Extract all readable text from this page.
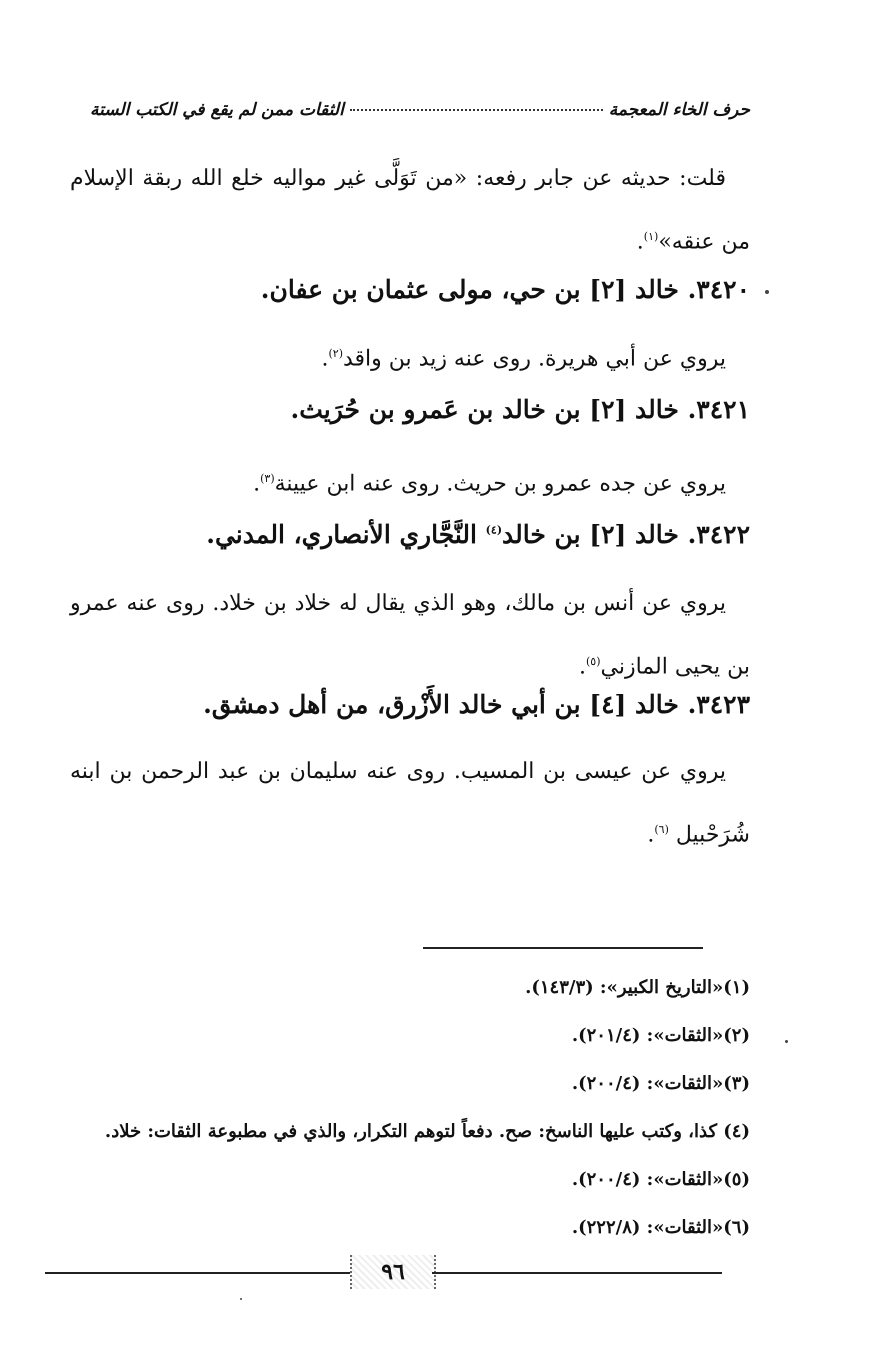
حرف الخاء المعجمة
الثقات ممن لم يقع في الكتب الستة
قلت: حديثه عن جابر رفعه: «من تَوَلَّى غير مواليه خلع الله ربقة الإسلام من عنقه»$^{(١)}$.
٣٤٢٠. خالد [٢] بن حي، مولى عثمان بن عفان.
يروي عن أبي هريرة. روى عنه زيد بن واقد$^{(٢)}$.
٣٤٢١. خالد [٢] بن خالد بن عَمرو بن حُرَيث.
يروي عن جده عمرو بن حريث. روى عنه ابن عيينة$^{(٣)}$.
٣٤٢٢. خالد [٢] بن خالد$^{(٤)}$ النَّجَّاري الأنصاري، المدني.
يروي عن أنس بن مالك، وهو الذي يقال له خلاد بن خلاد. روى عنه عمرو بن يحيى المازني$^{(٥)}$.
٣٤٢٣. خالد [٤] بن أبي خالد الأَزْرق، من أهل دمشق.
يروي عن عيسى بن المسيب. روى عنه سليمان بن عبد الرحمن بن ابنه شُرَحْبيل $^{(٦)}$.
(١)«التاريخ الكبير»: (١٤٣/٣).
(٢)«الثقات»: (٢٠١/٤).
(٣)«الثقات»: (٢٠٠/٤).
(٤) كذا، وكتب عليها الناسخ: صح. دفعاً لتوهم التكرار، والذي في مطبوعة الثقات: خلاد.
(٥)«الثقات»: (٢٠٠/٤).
(٦)«الثقات»: (٢٢٢/٨).
٩٦
